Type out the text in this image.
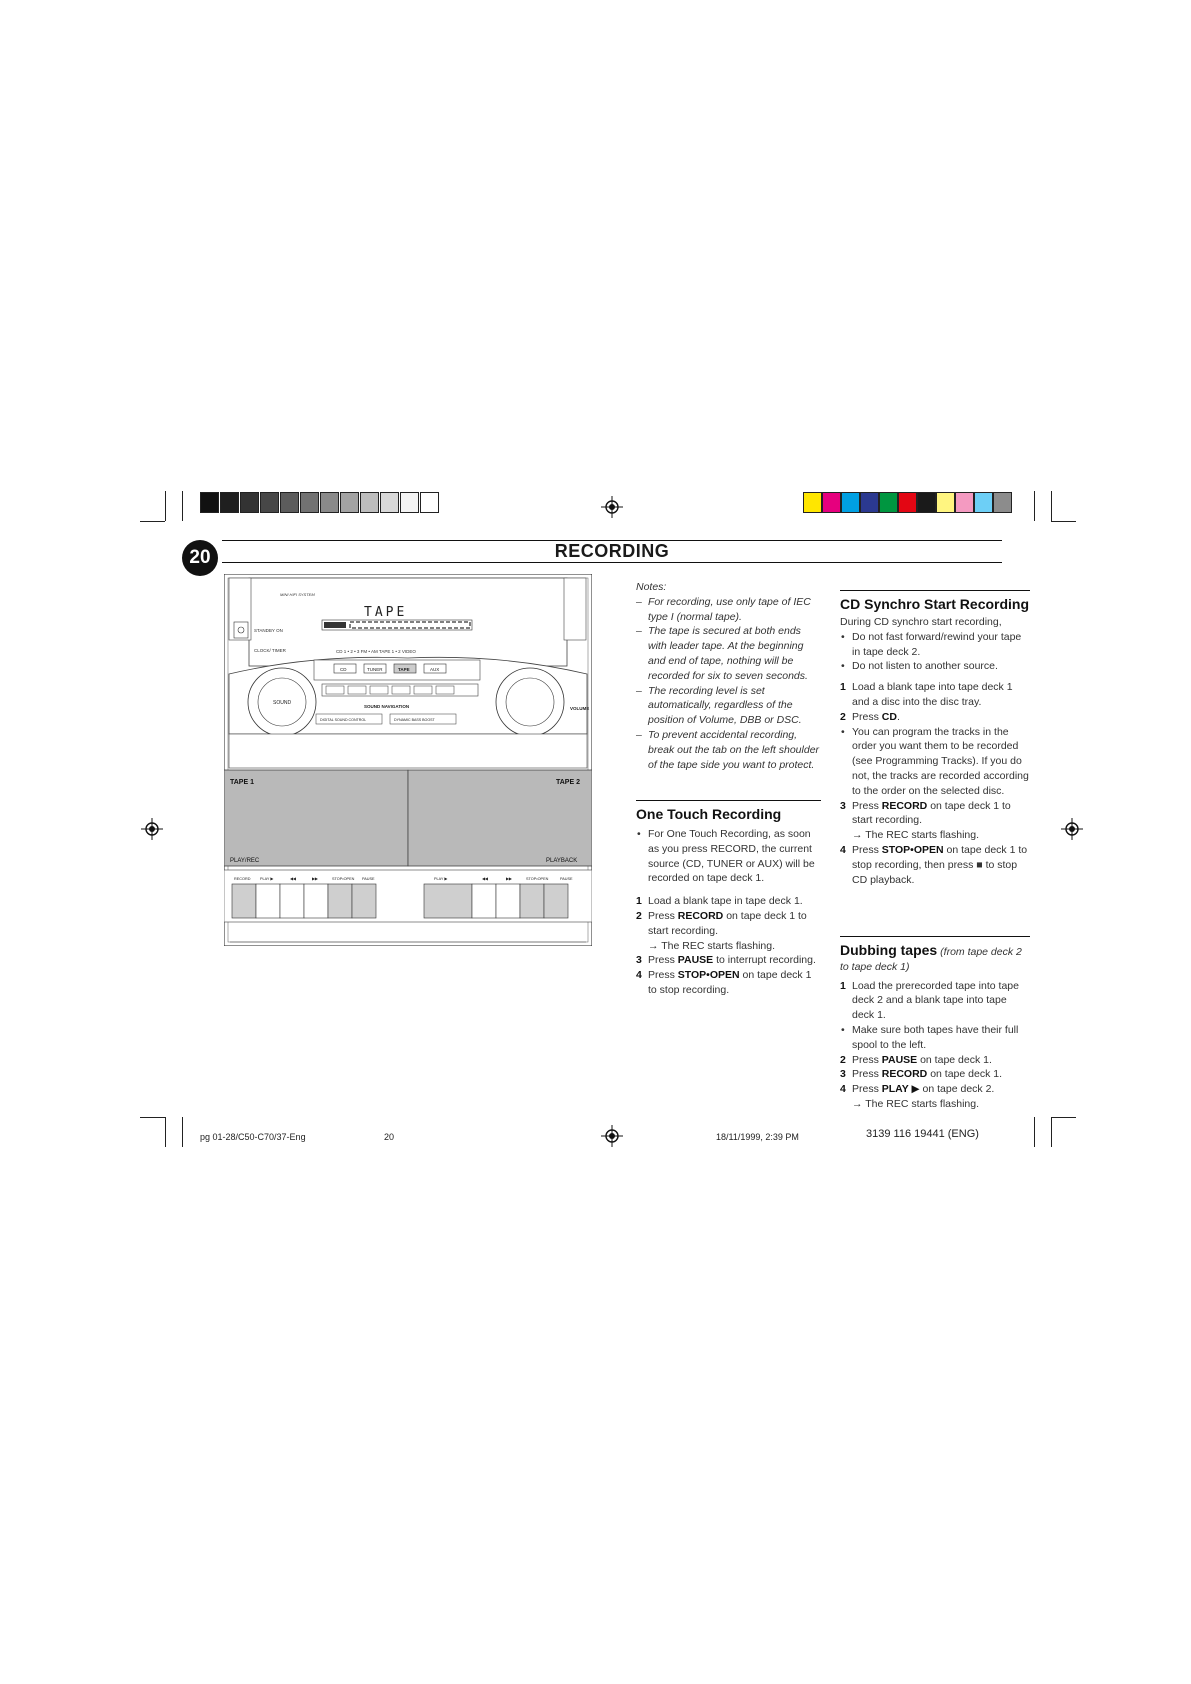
20	RECORDING
MINI HIFI SYSTEM
TAPE
STANDBY ON
CLOCK/ TIMER	CD 1 • 2 • 3 FM • AM TAPE 1 • 2 VIDEO
CD	TUNER	TAPE	AUX
SOUND NAVIGATION
DIGITAL SOUND CONTROL	DYNAMIC BASS BOOST
SOUND
VOLUME
TAPE 1	TAPE 2
PLAY/REC	PLAYBACK
RECORD	PLAY ▶	◀◀	▶▶	STOP•OPEN PAUSE	PLAY ▶	◀◀	▶▶	STOP•OPEN	PAUSE
Notes:
– For recording, use only tape of IEC type I (normal tape).
– The tape is secured at both ends with leader tape. At the beginning and end of tape, nothing will be recorded for six to seven seconds.
– The recording level is set automatically, regardless of the position of Volume, DBB or DSC.
– To prevent accidental recording, break out the tab on the left shoulder of the tape side you want to protect.
One Touch Recording
• For One Touch Recording, as soon as you press RECORD, the current source (CD, TUNER or AUX) will be recorded on tape deck 1.
1 Load a blank tape in tape deck 1.
2 Press RECORD on tape deck 1 to start recording.
→ The REC starts flashing.
3 Press PAUSE to interrupt recording.
4 Press STOP•OPEN on tape deck 1 to stop recording.
CD Synchro Start Recording
During CD synchro start recording,
• Do not fast forward/rewind your tape in tape deck 2.
• Do not listen to another source.
1 Load a blank tape into tape deck 1 and a disc into the disc tray.
2 Press CD.
• You can program the tracks in the order you want them to be recorded (see Programming Tracks). If you do not, the tracks are recorded according to the order on the selected disc.
3 Press RECORD on tape deck 1 to start recording.
→ The REC starts flashing.
4 Press STOP•OPEN on tape deck 1 to stop recording, then press ■ to stop CD playback.
Dubbing tapes (from tape deck 2 to tape deck 1)
1 Load the prerecorded tape into tape deck 2 and a blank tape into tape deck 1.
• Make sure both tapes have their full spool to the left.
2 Press PAUSE on tape deck 1.
3 Press RECORD on tape deck 1.
4 Press PLAY ▶ on tape deck 2.
→ The REC starts flashing.
pg 01-28/C50-C70/37-Eng	20	18/11/1999, 2:39 PM	3139 116 19441 (ENG)
